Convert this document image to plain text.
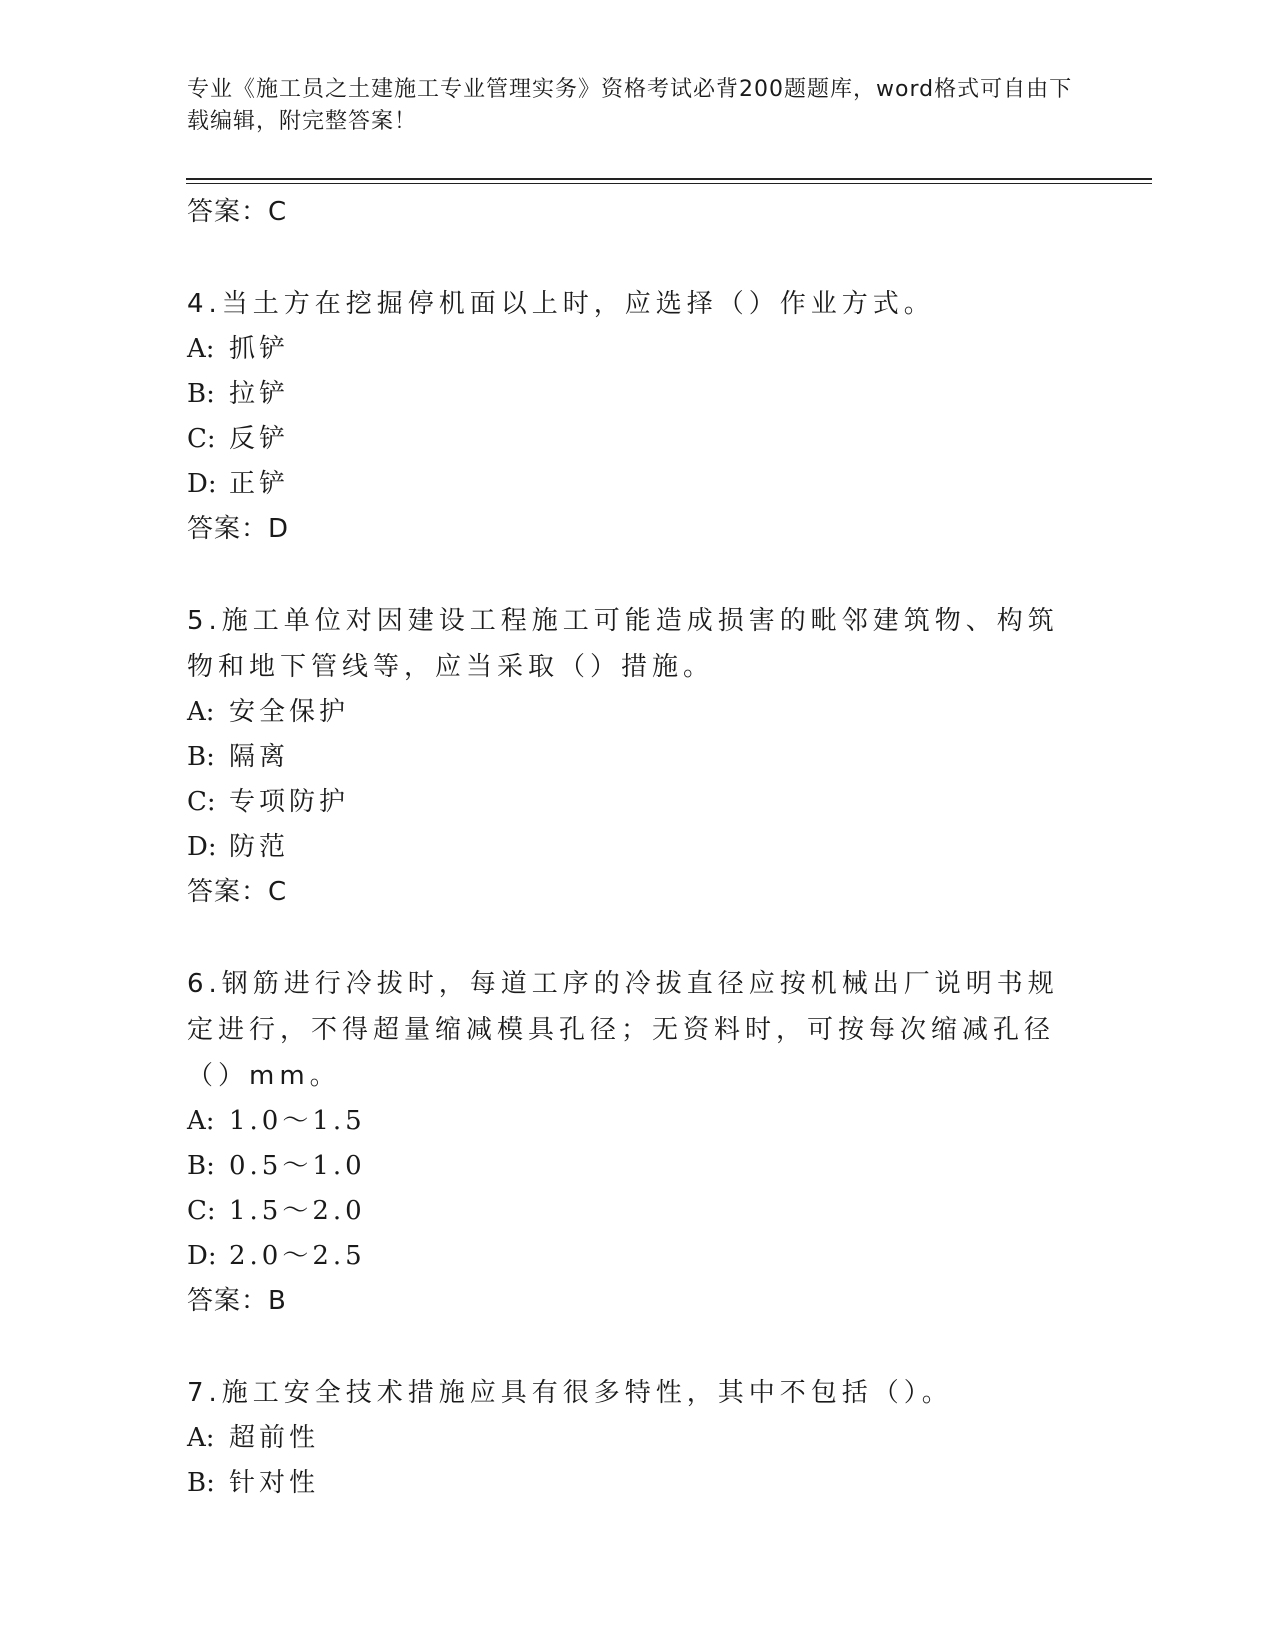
专业《施工员之土建施工专业管理实务》资格考试必背200题题库，word格式可自由下载编辑，附完整答案！
答案：C
4.当土方在挖掘停机面以上时，应选择（）作业方式。
A: 抓铲
B: 拉铲
C: 反铲
D: 正铲
答案：D
5.施工单位对因建设工程施工可能造成损害的毗邻建筑物、构筑物和地下管线等，应当采取（）措施。
A: 安全保护
B: 隔离
C: 专项防护
D: 防范
答案：C
6.钢筋进行冷拔时，每道工序的冷拔直径应按机械出厂说明书规定进行，不得超量缩减模具孔径；无资料时，可按每次缩减孔径（）mm。
A: 1.0～1.5
B: 0.5～1.0
C: 1.5～2.0
D: 2.0～2.5
答案：B
7.施工安全技术措施应具有很多特性，其中不包括（）。
A: 超前性
B: 针对性
